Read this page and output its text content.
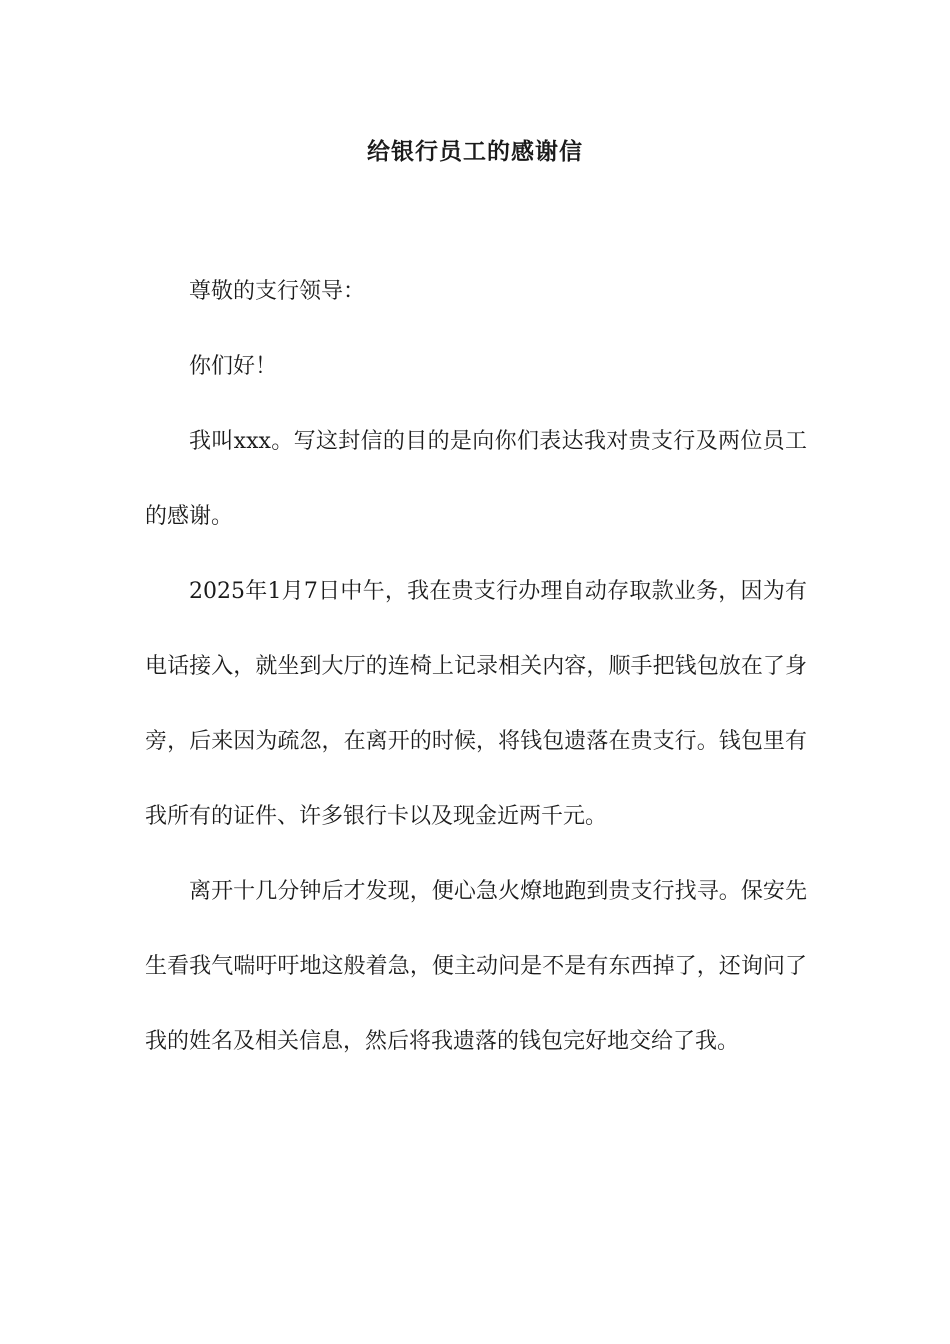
给银行员工的感谢信

尊敬的支行领导：

你们好！

我叫xxx。写这封信的目的是向你们表达我对贵支行及两位员工的感谢。

2025年1月7日中午，我在贵支行办理自动存取款业务，因为有电话接入，就坐到大厅的连椅上记录相关内容，顺手把钱包放在了身旁，后来因为疏忽，在离开的时候，将钱包遗落在贵支行。钱包里有我所有的证件、许多银行卡以及现金近两千元。

离开十几分钟后才发现，便心急火燎地跑到贵支行找寻。保安先生看我气喘吁吁地这般着急，便主动问是不是有东西掉了，还询问了我的姓名及相关信息，然后将我遗落的钱包完好地交给了我。
